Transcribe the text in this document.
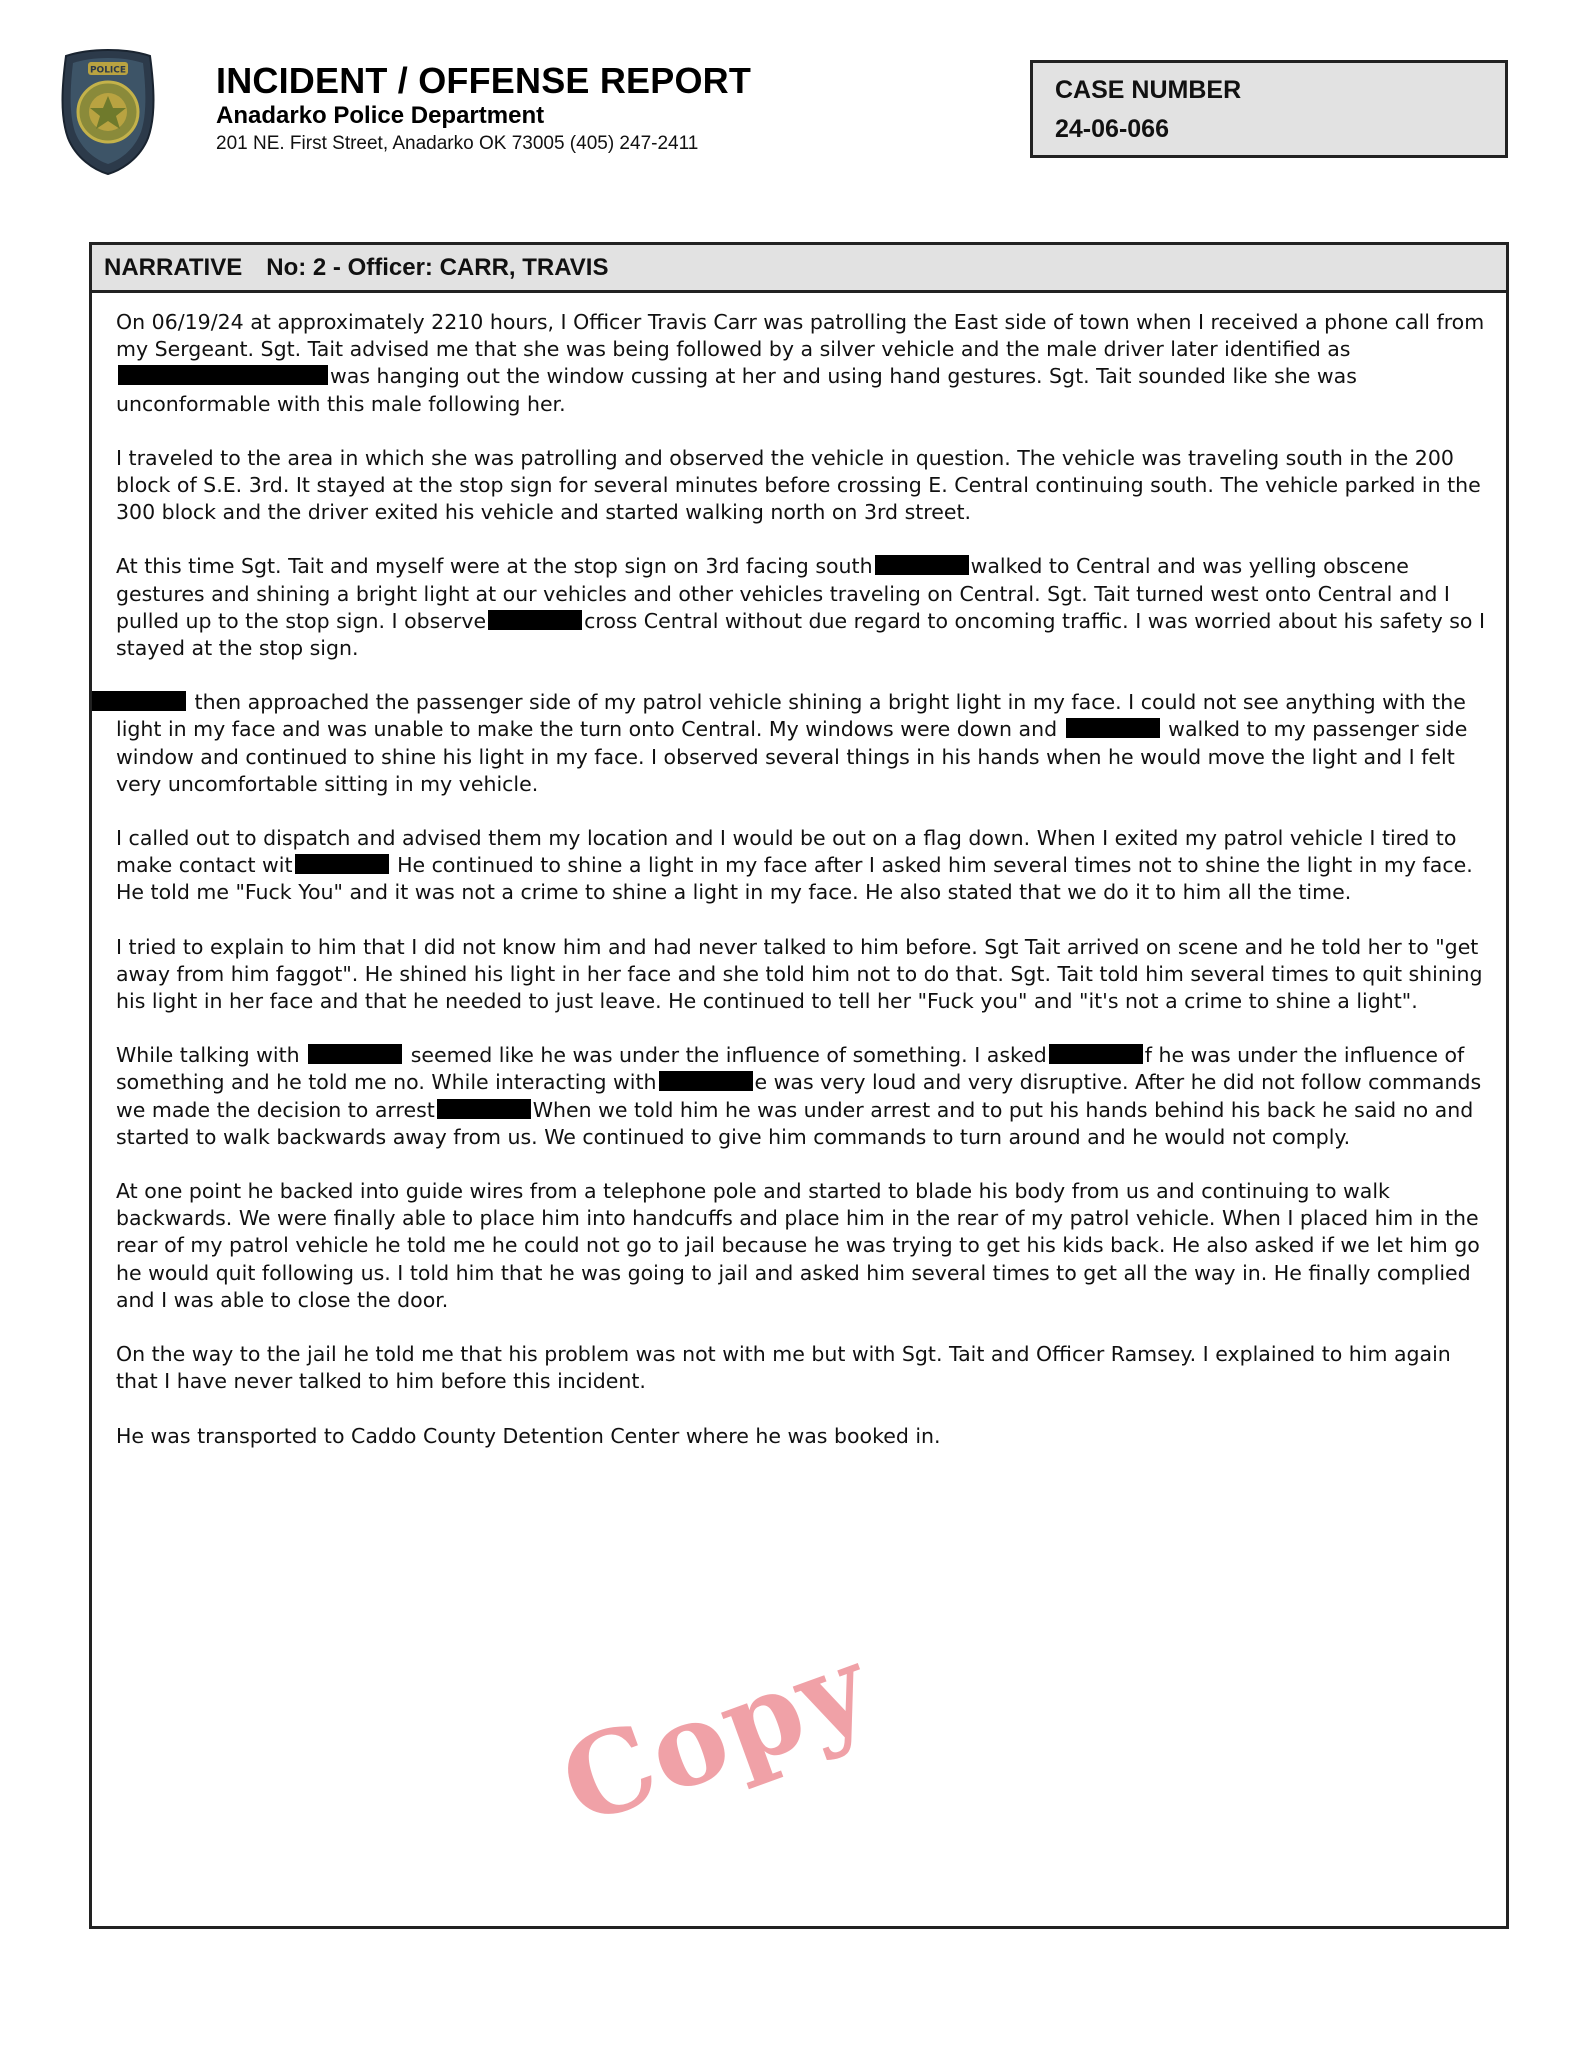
POLICE INCIDENT / OFFENSE REPORT
Anadarko Police Department
201 NE. First Street, Anadarko OK 73005 (405) 247-2411
CASE NUMBER
24-06-066
NARRATIVE No: 2 - Officer: CARR, TRAVIS

On 06/19/24 at approximately 2210 hours, I Officer Travis Carr was patrolling the East side of town when I received a phone call from my Sergeant. Sgt. Tait advised me that she was being followed by a silver vehicle and the male driver later identified as was hanging out the window cussing at her and using hand gestures. Sgt. Tait sounded like she was unconformable with this male following her.

I traveled to the area in which she was patrolling and observed the vehicle in question. The vehicle was traveling south in the 200 block of S.E. 3rd. It stayed at the stop sign for several minutes before crossing E. Central continuing south. The vehicle parked in the 300 block and the driver exited his vehicle and started walking north on 3rd street.

At this time Sgt. Tait and myself were at the stop sign on 3rd facing south	walked to Central and was yelling obscene gestures and shining a bright light at our vehicles and other vehicles traveling on Central. Sgt. Tait turned west onto Central and I pulled up to the stop sign. I observe	cross Central without due regard to oncoming traffic. I was worried about his safety so I stayed at the stop sign.

then approached the passenger side of my patrol vehicle shining a bright light in my face. I could not see anything with the light in my face and was unable to make the turn onto Central. My windows were down and	walked to my passenger side window and continued to shine his light in my face. I observed several things in his hands when he would move the light and I felt very uncomfortable sitting in my vehicle.

I called out to dispatch and advised them my location and I would be out on a flag down. When I exited my patrol vehicle I tired to make contact wit	He continued to shine a light in my face after I asked him several times not to shine the light in my face. He told me "Fuck You" and it was not a crime to shine a light in my face. He also stated that we do it to him all the time.

I tried to explain to him that I did not know him and had never talked to him before. Sgt Tait arrived on scene and he told her to "get away from him faggot". He shined his light in her face and she told him not to do that. Sgt. Tait told him several times to quit shining his light in her face and that he needed to just leave. He continued to tell her "Fuck you" and "it's not a crime to shine a light".

While talking with	seemed like he was under the influence of something. I asked	f he was under the influence of something and he told me no. While interacting with	e was very loud and very disruptive. After he did not follow commands we made the decision to arrest	When we told him he was under arrest and to put his hands behind his back he said no and started to walk backwards away from us. We continued to give him commands to turn around and he would not comply.

At one point he backed into guide wires from a telephone pole and started to blade his body from us and continuing to walk backwards. We were finally able to place him into handcuffs and place him in the rear of my patrol vehicle. When I placed him in the rear of my patrol vehicle he told me he could not go to jail because he was trying to get his kids back. He also asked if we let him go he would quit following us. I told him that he was going to jail and asked him several times to get all the way in. He finally complied and I was able to close the door.

On the way to the jail he told me that his problem was not with me but with Sgt. Tait and Officer Ramsey. I explained to him again that I have never talked to him before this incident.

He was transported to Caddo County Detention Center where he was booked in.

Copy
